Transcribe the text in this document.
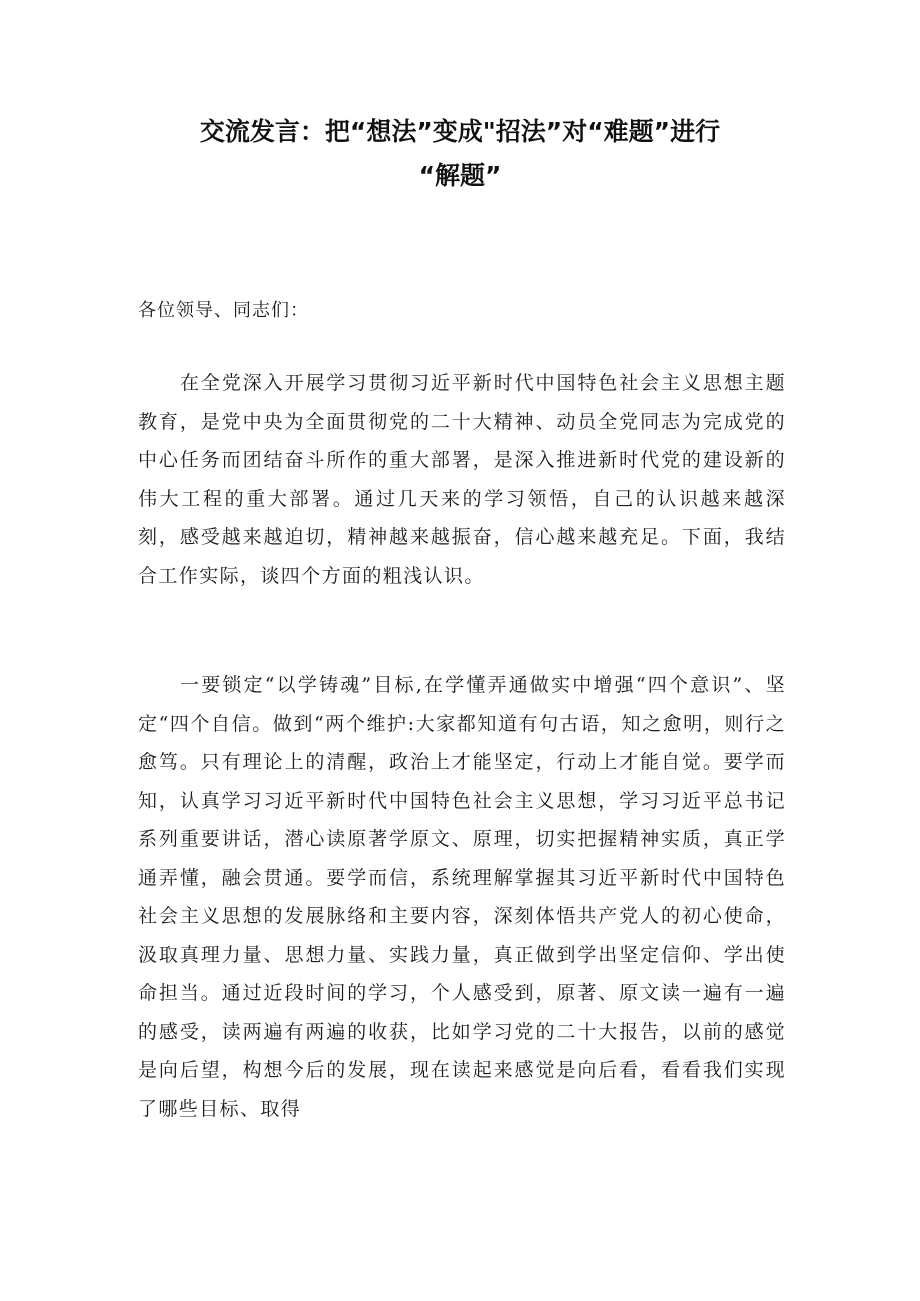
交流发言：把“想法”变成"招法”对“难题”进行
“解题”

各位领导、同志们：

在全党深入开展学习贯彻习近平新时代中国特色社会主义思想主题教育，是党中央为全面贯彻党的二十大精神、动员全党同志为完成党的中心任务而团结奋斗所作的重大部署，是深入推进新时代党的建设新的伟大工程的重大部署。通过几天来的学习领悟，自己的认识越来越深刻，感受越来越迫切，精神越来越振奋，信心越来越充足。下面，我结合工作实际，谈四个方面的粗浅认识。

一要锁定“以学铸魂”目标,在学懂弄通做实中增强“四个意识”、坚定“四个自信。做到“两个维护:大家都知道有句古语，知之愈明，则行之愈笃。只有理论上的清醒，政治上才能坚定，行动上才能自觉。要学而知，认真学习习近平新时代中国特色社会主义思想，学习习近平总书记系列重要讲话，潜心读原著学原文、原理，切实把握精神实质，真正学通弄懂，融会贯通。要学而信，系统理解掌握其习近平新时代中国特色社会主义思想的发展脉络和主要内容，深刻体悟共产党人的初心使命，汲取真理力量、思想力量、实践力量，真正做到学出坚定信仰、学出使命担当。通过近段时间的学习，个人感受到，原著、原文读一遍有一遍的感受，读两遍有两遍的收获，比如学习党的二十大报告，以前的感觉是向后望，构想今后的发展，现在读起来感觉是向后看，看看我们实现了哪些目标、取得
